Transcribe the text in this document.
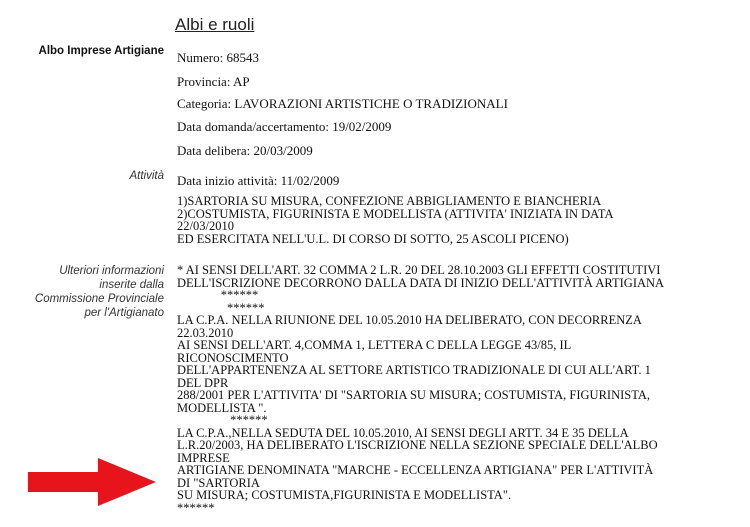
Albi e ruoli
Albo Imprese Artigiane
Attività
Ulteriori informazioni
inserite dalla
Commissione Provinciale
per l'Artigianato
Numero: 68543
Provincia: AP
Categoria: LAVORAZIONI ARTISTICHE O TRADIZIONALI
Data domanda/accertamento: 19/02/2009
Data delibera: 20/03/2009
Data inizio attività: 11/02/2009
1)SARTORIA SU MISURA, CONFEZIONE ABBIGLIAMENTO E BIANCHERIA
2)COSTUMISTA, FIGURINISTA E MODELLISTA (ATTIVITA' INIZIATA IN DATA
22/03/2010
ED ESERCITATA NELL'U.L. DI CORSO DI SOTTO, 25 ASCOLI PICENO)
* AI SENSI DELL'ART. 32 COMMA 2 L.R. 20 DEL 28.10.2003 GLI EFFETTI COSTITUTIVI
DELL'ISCRIZIONE DECORRONO DALLA DATA DI INIZIO DELL'ATTIVITÀ ARTIGIANA
******
******
LA C.P.A. NELLA RIUNIONE DEL 10.05.2010 HA DELIBERATO, CON DECORRENZA
22.03.2010
AI SENSI DELL'ART. 4,COMMA 1, LETTERA C DELLA LEGGE 43/85, IL
RICONOSCIMENTO
DELL'APPARTENENZA AL SETTORE ARTISTICO TRADIZIONALE DI CUI ALL'ART. 1
DEL DPR
288/2001 PER L'ATTIVITA' DI "SARTORIA SU MISURA; COSTUMISTA, FIGURINISTA,
MODELLISTA ".
******
LA C.P.A.,NELLA SEDUTA DEL 10.05.2010, AI SENSI DEGLI ARTT. 34 E 35 DELLA
L.R.20/2003, HA DELIBERATO L'ISCRIZIONE NELLA SEZIONE SPECIALE DELL'ALBO
IMPRESE
ARTIGIANE DENOMINATA "MARCHE - ECCELLENZA ARTIGIANA" PER L'ATTIVITÀ
DI "SARTORIA
SU MISURA; COSTUMISTA,FIGURINISTA E MODELLISTA".
******
